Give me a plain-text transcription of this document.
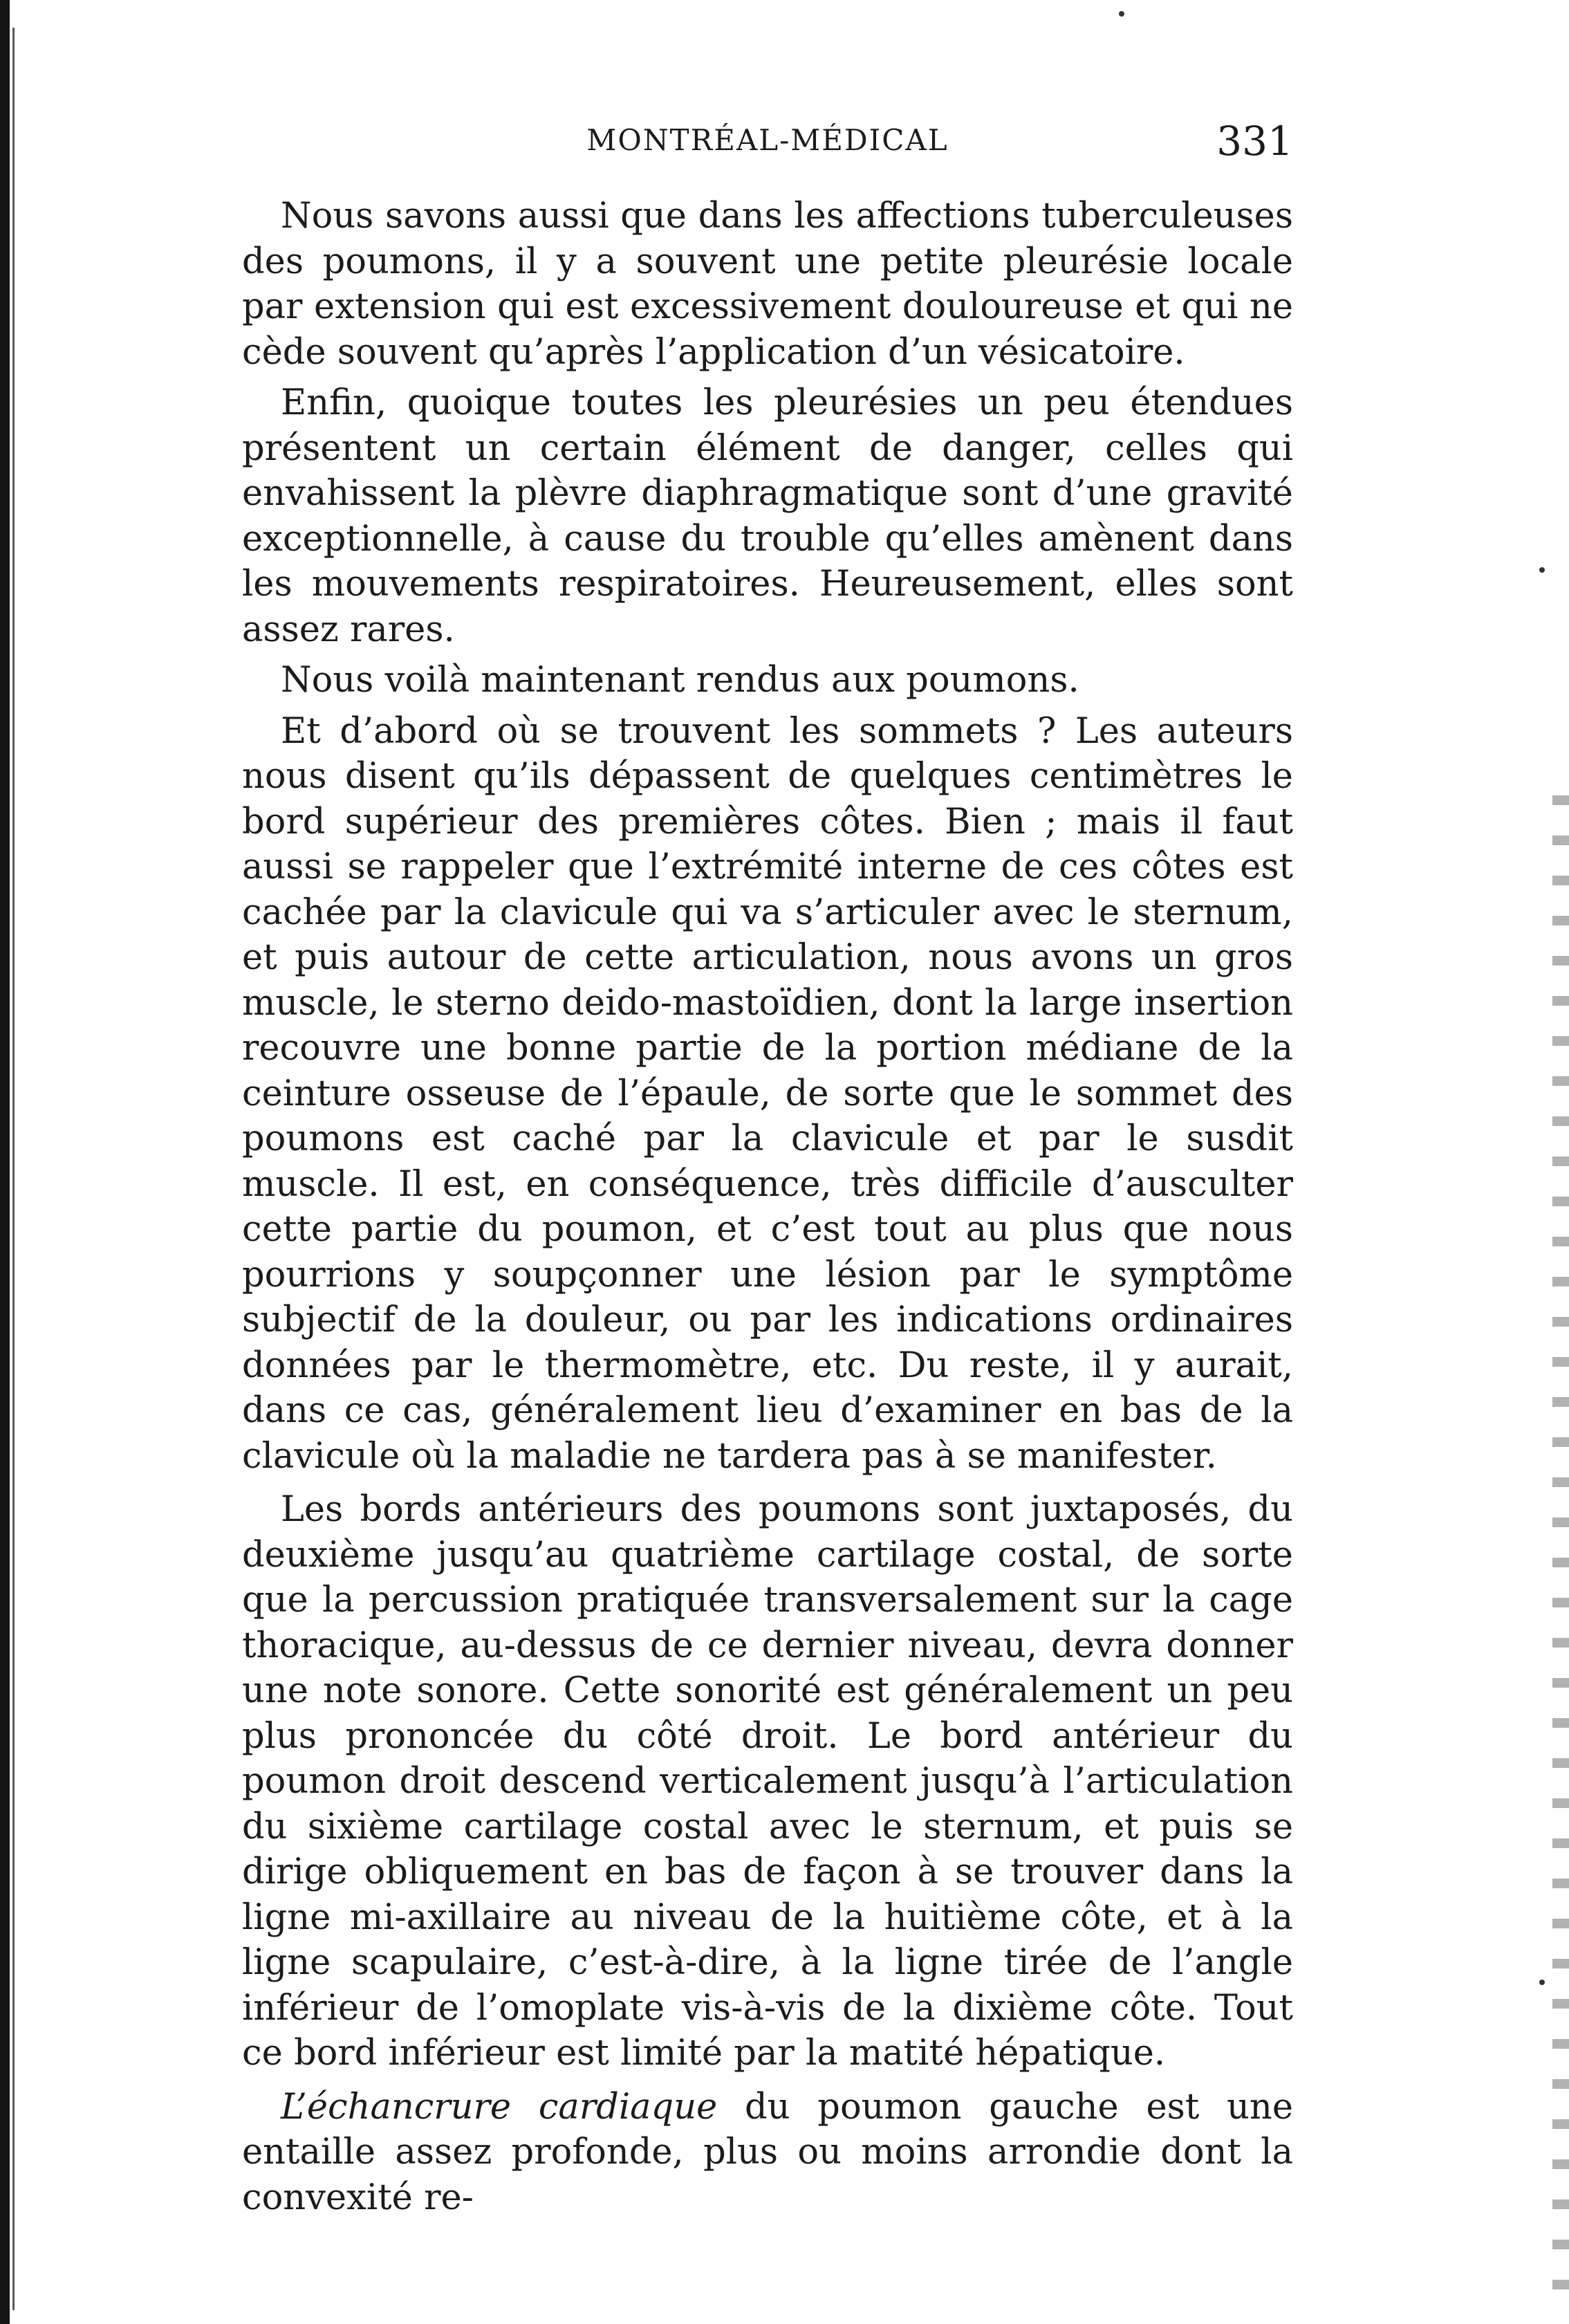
MONTRÉAL-MÉDICAL	331

Nous savons aussi que dans les affections tuberculeuses des poumons, il y a souvent une petite pleurésie locale par extension qui est excessivement douloureuse et qui ne cède souvent qu’après l’application d’un vésicatoire.

Enfin, quoique toutes les pleurésies un peu étendues présentent un certain élément de danger, celles qui envahissent la plèvre diaphragmatique sont d’une gravité exceptionnelle, à cause du trouble qu’elles amènent dans les mouvements respiratoires. Heureusement, elles sont assez rares.

Nous voilà maintenant rendus aux poumons.

Et d’abord où se trouvent les sommets ? Les auteurs nous disent qu’ils dépassent de quelques centimètres le bord supérieur des premières côtes. Bien ; mais il faut aussi se rappeler que l’extrémité interne de ces côtes est cachée par la clavicule qui va s’articuler avec le sternum, et puis autour de cette articulation, nous avons un gros muscle, le sterno deido-mastoïdien, dont la large insertion recouvre une bonne partie de la portion médiane de la ceinture osseuse de l’épaule, de sorte que le sommet des poumons est caché par la clavicule et par le susdit muscle. Il est, en conséquence, très difficile d’ausculter cette partie du poumon, et c’est tout au plus que nous pourrions y soupçonner une lésion par le symptôme subjectif de la douleur, ou par les indications ordinaires données par le thermomètre, etc. Du reste, il y aurait, dans ce cas, généralement lieu d’examiner en bas de la clavicule où la maladie ne tardera pas à se manifester.

Les bords antérieurs des poumons sont juxtaposés, du deuxième jusqu’au quatrième cartilage costal, de sorte que la percussion pratiquée transversalement sur la cage thoracique, au-dessus de ce dernier niveau, devra donner une note sonore. Cette sonorité est généralement un peu plus prononcée du côté droit. Le bord antérieur du poumon droit descend verticalement jusqu’à l’articulation du sixième cartilage costal avec le sternum, et puis se dirige obliquement en bas de façon à se trouver dans la ligne mi-axillaire au niveau de la huitième côte, et à la ligne scapulaire, c’est-à-dire, à la ligne tirée de l’angle inférieur de l’omoplate vis-à-vis de la dixième côte. Tout ce bord inférieur est limité par la matité hépatique.

L’échancrure cardiaque du poumon gauche est une entaille assez profonde, plus ou moins arrondie dont la convexité re-
